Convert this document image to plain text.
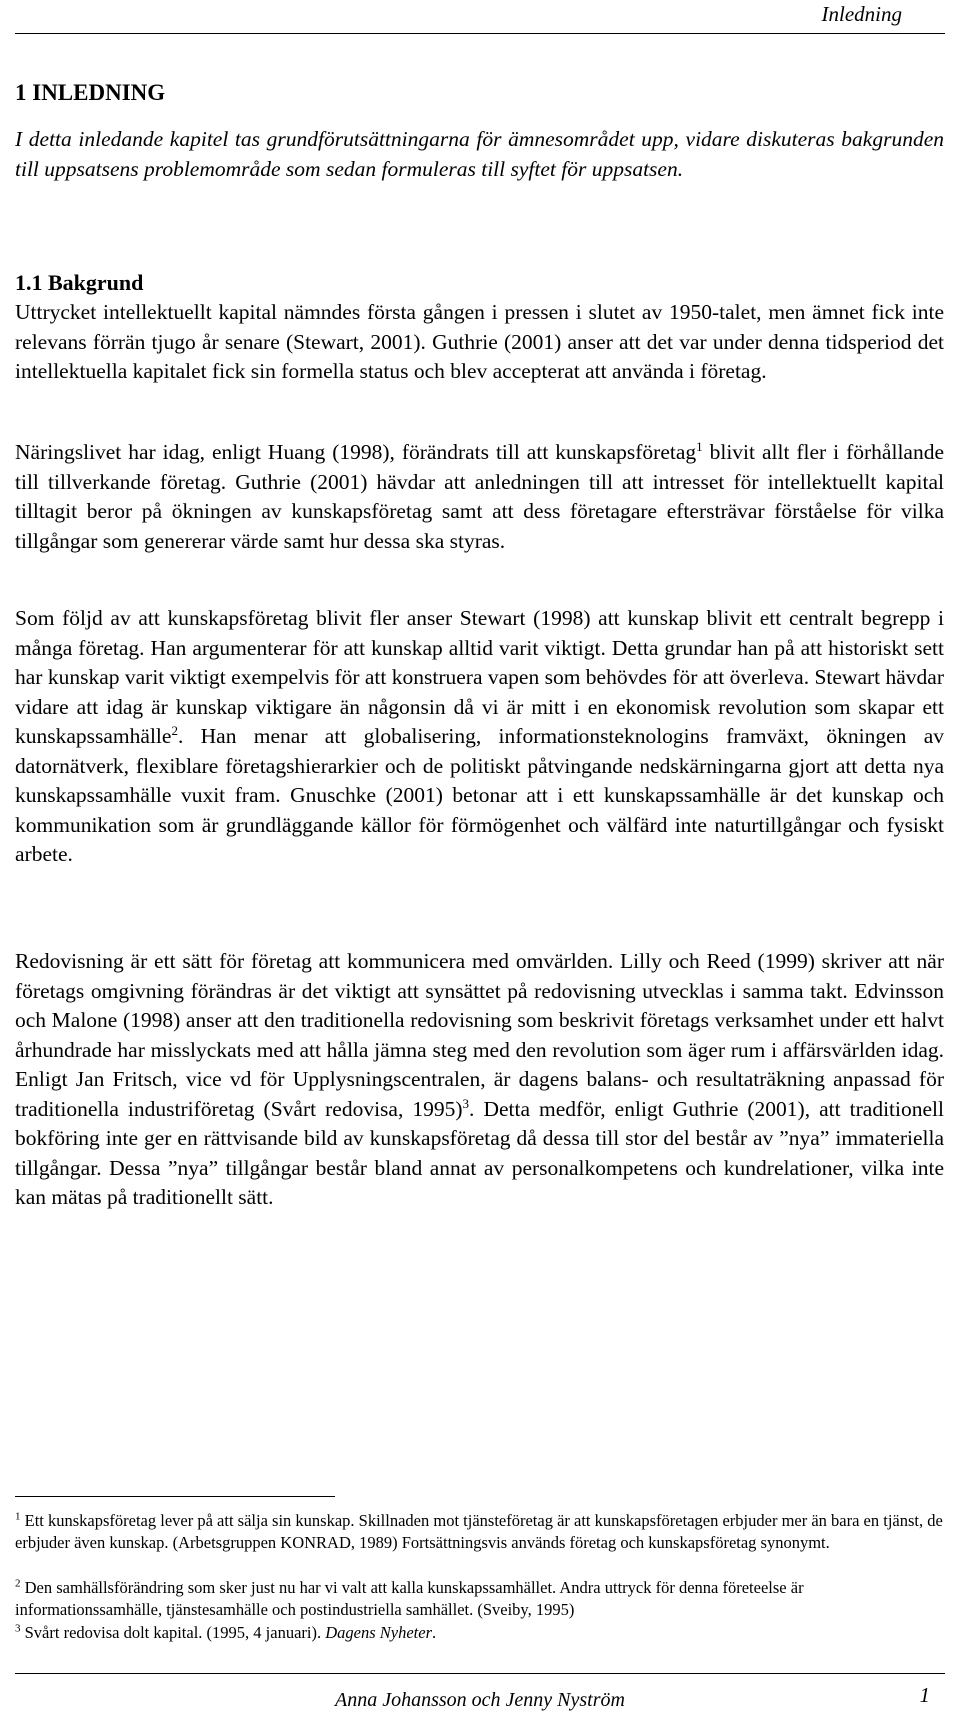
Inledning
1 INLEDNING

I detta inledande kapitel tas grundförutsättningarna för ämnesområdet upp, vidare diskuteras bakgrunden till uppsatsens problemområde som sedan formuleras till syftet för uppsatsen.

1.1 Bakgrund

Uttrycket intellektuellt kapital nämndes första gången i pressen i slutet av 1950-talet, men ämnet fick inte relevans förrän tjugo år senare (Stewart, 2001). Guthrie (2001) anser att det var under denna tidsperiod det intellektuella kapitalet fick sin formella status och blev accepterat att använda i företag.

Näringslivet har idag, enligt Huang (1998), förändrats till att kunskapsföretag$^1$ blivit allt fler i förhållande till tillverkande företag. Guthrie (2001) hävdar att anledningen till att intresset för intellektuellt kapital tilltagit beror på ökningen av kunskapsföretag samt att dess företagare eftersträvar förståelse för vilka tillgångar som genererar värde samt hur dessa ska styras.

Som följd av att kunskapsföretag blivit fler anser Stewart (1998) att kunskap blivit ett centralt begrepp i många företag. Han argumenterar för att kunskap alltid varit viktigt. Detta grundar han på att historiskt sett har kunskap varit viktigt exempelvis för att konstruera vapen som behövdes för att överleva. Stewart hävdar vidare att idag är kunskap viktigare än någonsin då vi är mitt i en ekonomisk revolution som skapar ett kunskapssamhälle$^2$. Han menar att globalisering, informationsteknologins framväxt, ökningen av datornätverk, flexiblare företagshierarkier och de politiskt påtvingande nedskärningarna gjort att detta nya kunskapssamhälle vuxit fram. Gnuschke (2001) betonar att i ett kunskapssamhälle är det kunskap och kommunikation som är grundläggande källor för förmögenhet och välfärd inte naturtillgångar och fysiskt arbete.

Redovisning är ett sätt för företag att kommunicera med omvärlden. Lilly och Reed (1999) skriver att när företags omgivning förändras är det viktigt att synsättet på redovisning utvecklas i samma takt. Edvinsson och Malone (1998) anser att den traditionella redovisning som beskrivit företags verksamhet under ett halvt århundrade har misslyckats med att hålla jämna steg med den revolution som äger rum i affärsvärlden idag. Enligt Jan Fritsch, vice vd för Upplysningscentralen, är dagens balans- och resultaträkning anpassad för traditionella industriföretag (Svårt redovisa, 1995)$^3$. Detta medför, enligt Guthrie (2001), att traditionell bokföring inte ger en rättvisande bild av kunskapsföretag då dessa till stor del består av ”nya” immateriella tillgångar. Dessa ”nya” tillgångar består bland annat av personalkompetens och kundrelationer, vilka inte kan mätas på traditionellt sätt.

$^1$ Ett kunskapsföretag lever på att sälja sin kunskap. Skillnaden mot tjänsteföretag är att kunskapsföretagen erbjuder mer än bara en tjänst, de erbjuder även kunskap. (Arbetsgruppen KONRAD, 1989) Fortsättningsvis används företag och kunskapsföretag synonymt.

$^2$ Den samhällsförändring som sker just nu har vi valt att kalla kunskapssamhället. Andra uttryck för denna företeelse är informationssamhälle, tjänstesamhälle och postindustriella samhället. (Sveiby, 1995)

$^3$ Svårt redovisa dolt kapital. (1995, 4 januari). Dagens Nyheter.

Anna Johansson och Jenny Nyström	1
